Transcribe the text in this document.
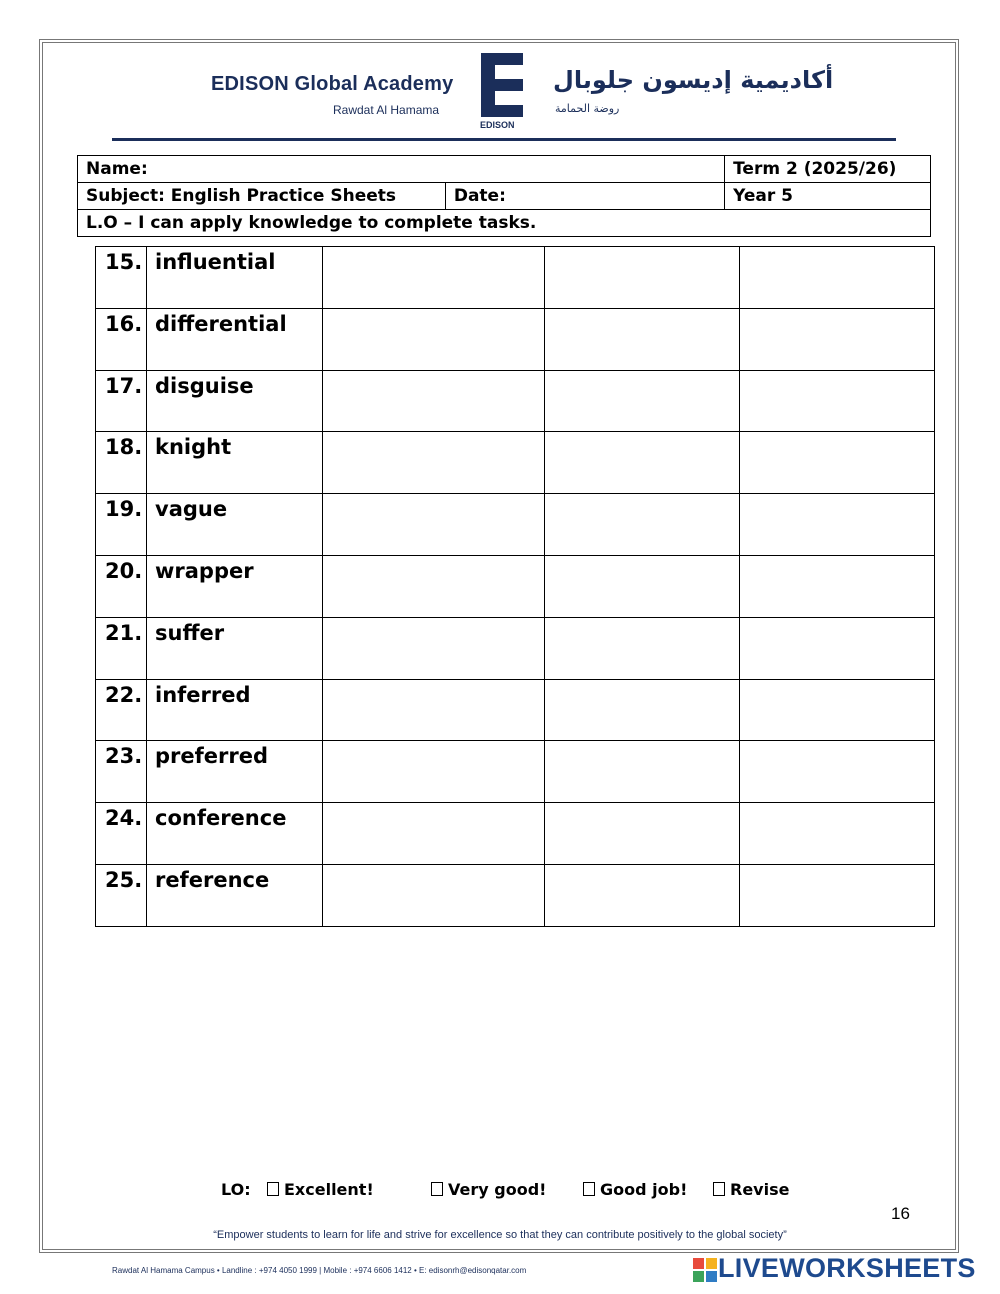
EDISON Global Academy
Rawdat Al Hamama
EDISON
أكاديمية إديسون جلوبال
روضة الحمامة
Name:		Term 2 (2025/26)
Subject: English Practice Sheets	Date:	Year 5
L.O – I can apply knowledge to complete tasks.		
15.	influential			
16.	differential			
17.	disguise			
18.	knight			
19.	vague			
20.	wrapper			
21.	suffer			
22.	inferred			
23.	preferred			
24.	conference			
25.	reference			
LO:	Excellent!	Very good!	Good job!	Revise
16
“Empower students to learn for life and strive for excellence so that they can contribute positively to the global society”
Rawdat Al Hamama Campus • Landline : +974 4050 1999 | Mobile : +974 6606 1412 • E: edisonrh@edisonqatar.com	LIVEWORKSHEETS
